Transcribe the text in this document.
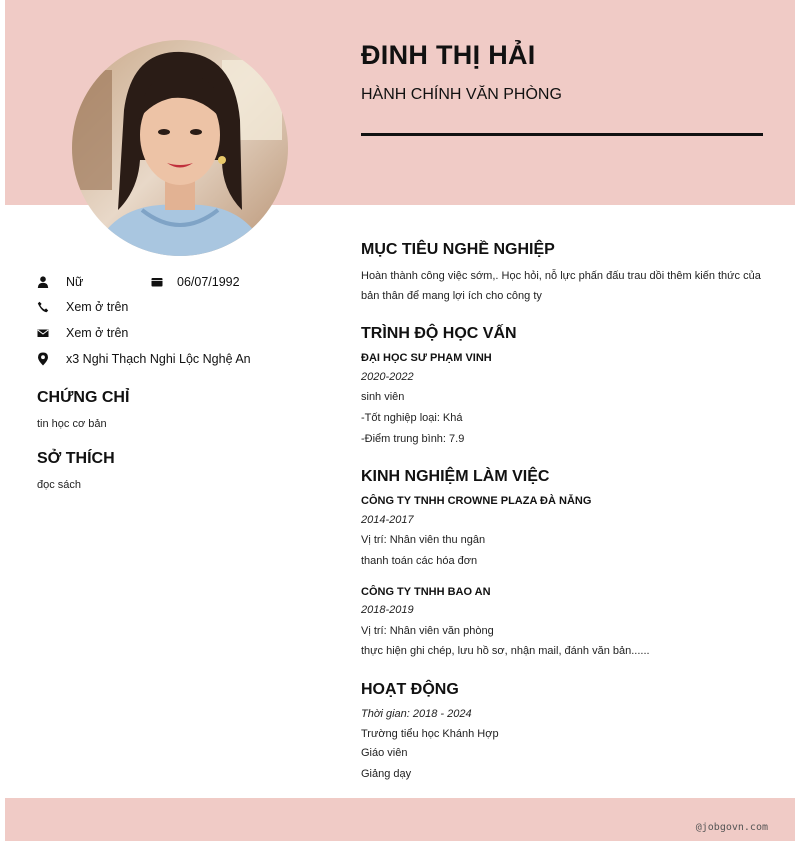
ĐINH THỊ HẢI
HÀNH CHÍNH VĂN PHÒNG
Nữ	06/07/1992
Xem ở trên
Xem ở trên
x3 Nghi Thạch Nghi Lộc Nghệ An
CHỨNG CHỈ
tin học cơ bản
SỞ THÍCH
đọc sách
MỤC TIÊU NGHỀ NGHIỆP
Hoàn thành công việc sớm,. Học hỏi, nỗ lực phấn đấu trau dồi thêm kiến thức của bản thân để mang lợi ích cho công ty
TRÌNH ĐỘ HỌC VẤN
ĐẠI HỌC SƯ PHẠM VINH
2020-2022
sinh viên
-Tốt nghiệp loại: Khá
-Điểm trung bình: 7.9
KINH NGHIỆM LÀM VIỆC
CÔNG TY TNHH CROWNE PLAZA ĐÀ NẴNG
2014-2017
Vị trí: Nhân viên thu ngân
thanh toán các hóa đơn
CÔNG TY TNHH BAO AN
2018-2019
Vị trí: Nhân viên văn phòng
thực hiện ghi chép, lưu hồ sơ, nhận mail, đánh văn bản......
HOẠT ĐỘNG
Thời gian: 2018 - 2024
Trường tiểu học Khánh Hợp
Giáo viên
Giảng dạy
@jobgovn.com
